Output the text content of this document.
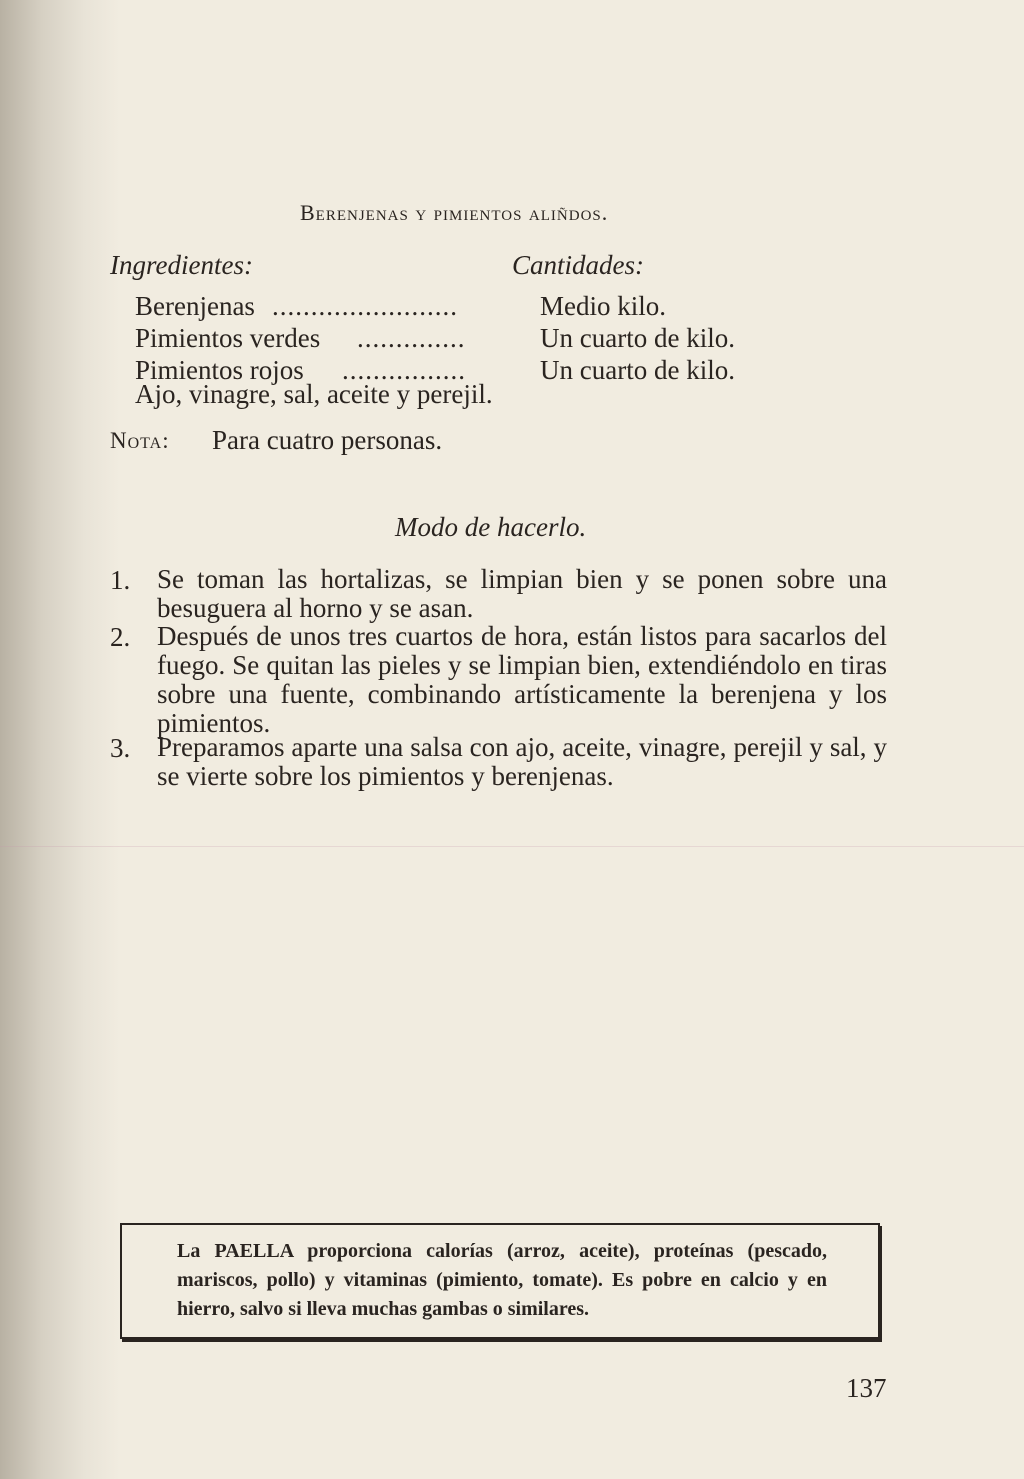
Berenjenas y pimientos aliñdos.
Ingredientes:	Cantidades:
Berenjenas ........................	Medio kilo.
Pimientos verdes ..............	Un cuarto de kilo.
Pimientos rojos ................	Un cuarto de kilo.
Ajo, vinagre, sal, aceite y perejil.
Nota: Para cuatro personas.
Modo de hacerlo.
1. Se toman las hortalizas, se limpian bien y se ponen sobre una besuguera al horno y se asan.
2. Después de unos tres cuartos de hora, están listos para sacarlos del fuego. Se quitan las pieles y se limpian bien, extendiéndolo en tiras sobre una fuente, combinando artísticamente la berenjena y los pimientos.
3. Preparamos aparte una salsa con ajo, aceite, vinagre, perejil y sal, y se vierte sobre los pimientos y berenjenas.
La PAELLA proporciona calorías (arroz, aceite), proteínas (pescado, mariscos, pollo) y vitaminas (pimiento, tomate). Es pobre en calcio y en hierro, salvo si lleva muchas gambas o similares.
137
